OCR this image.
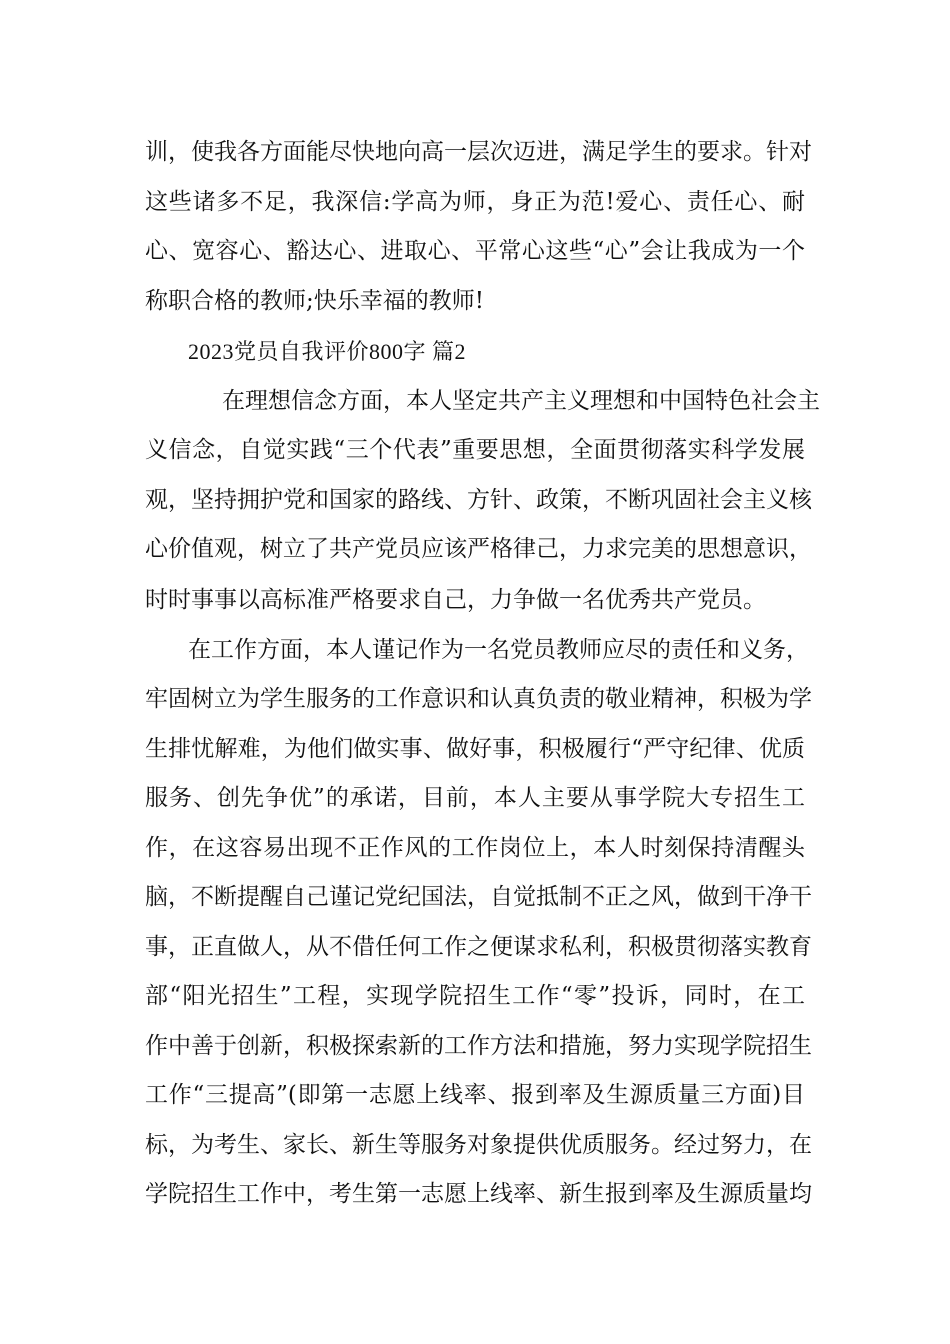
训，使我各方面能尽快地向高一层次迈进，满足学生的要求。针对
这些诸多不足，我深信:学高为师，身正为范!爱心、责任心、耐
心、宽容心、豁达心、进取心、平常心这些“心”会让我成为一个
称职合格的教师;快乐幸福的教师!
2023党员自我评价800字 篇2
在理想信念方面，本人坚定共产主义理想和中国特色社会主
义信念，自觉实践“三个代表”重要思想，全面贯彻落实科学发展
观，坚持拥护党和国家的路线、方针、政策，不断巩固社会主义核
心价值观，树立了共产党员应该严格律己，力求完美的思想意识，
时时事事以高标准严格要求自己，力争做一名优秀共产党员。
在工作方面，本人谨记作为一名党员教师应尽的责任和义务，
牢固树立为学生服务的工作意识和认真负责的敬业精神，积极为学
生排忧解难，为他们做实事、做好事，积极履行“严守纪律、优质
服务、创先争优”的承诺，目前，本人主要从事学院大专招生工
作，在这容易出现不正作风的工作岗位上，本人时刻保持清醒头
脑，不断提醒自己谨记党纪国法，自觉抵制不正之风，做到干净干
事，正直做人，从不借任何工作之便谋求私利，积极贯彻落实教育
部“阳光招生”工程，实现学院招生工作“零”投诉，同时，在工
作中善于创新，积极探索新的工作方法和措施，努力实现学院招生
工作“三提高”(即第一志愿上线率、报到率及生源质量三方面)目
标，为考生、家长、新生等服务对象提供优质服务。经过努力，在
学院招生工作中，考生第一志愿上线率、新生报到率及生源质量均
